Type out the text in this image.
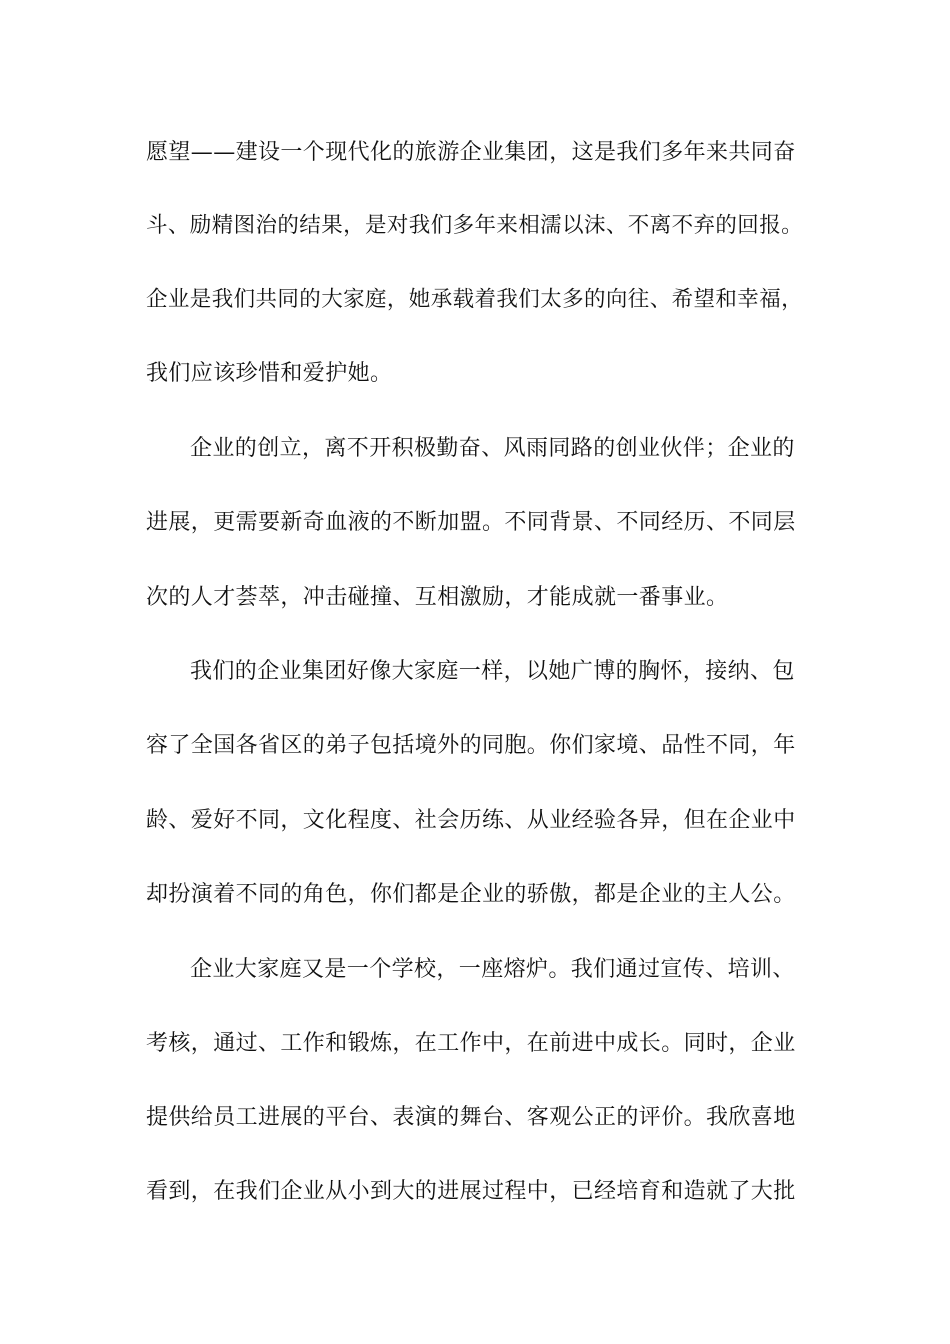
愿望——建设一个现代化的旅游企业集团，这是我们多年来共同奋
斗、励精图治的结果，是对我们多年来相濡以沫、不离不弃的回报。
企业是我们共同的大家庭，她承载着我们太多的向往、希望和幸福，
我们应该珍惜和爱护她。
企业的创立，离不开积极勤奋、风雨同路的创业伙伴；企业的
进展，更需要新奇血液的不断加盟。不同背景、不同经历、不同层
次的人才荟萃，冲击碰撞、互相激励，才能成就一番事业。
我们的企业集团好像大家庭一样，以她广博的胸怀，接纳、包
容了全国各省区的弟子包括境外的同胞。你们家境、品性不同，年
龄、爱好不同，文化程度、社会历练、从业经验各异，但在企业中
却扮演着不同的角色，你们都是企业的骄傲，都是企业的主人公。
企业大家庭又是一个学校，一座熔炉。我们通过宣传、培训、
考核，通过、工作和锻炼，在工作中，在前进中成长。同时，企业
提供给员工进展的平台、表演的舞台、客观公正的评价。我欣喜地
看到，在我们企业从小到大的进展过程中，已经培育和造就了大批
